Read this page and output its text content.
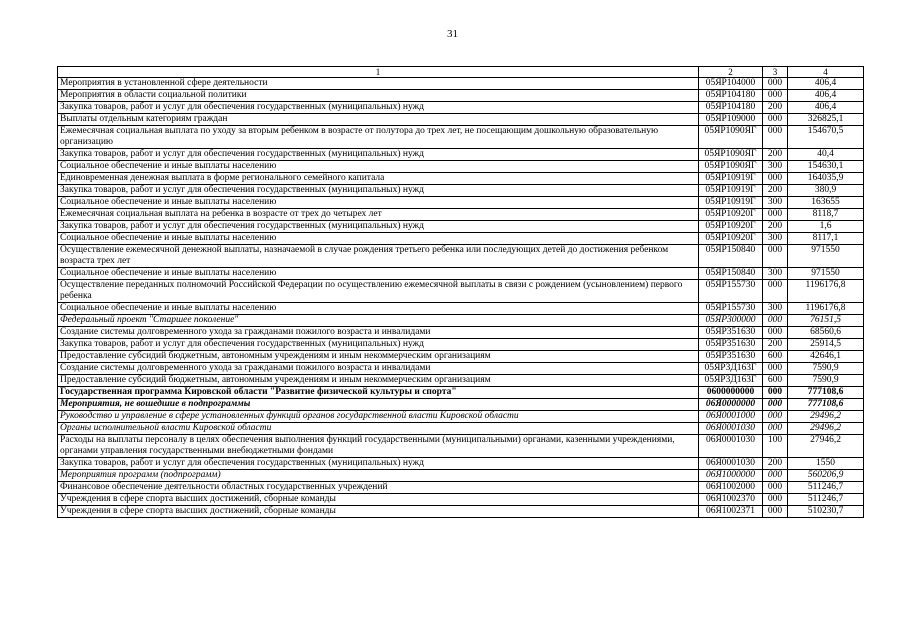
31
1	2	3	4
Мероприятия в установленной сфере деятельности	05ЯР104000	000	406,4
Мероприятия в области социальной политики	05ЯР104180	000	406,4
Закупка товаров, работ и услуг для обеспечения государственных (муниципальных) нужд	05ЯР104180	200	406,4
Выплаты отдельным категориям граждан	05ЯР109000	000	326825,1
Ежемесячная социальная выплата по уходу за вторым ребенком в возрасте от полутора до трех лет, не посещающим дошкольную образовательную организацию	05ЯР1090ЯГ	000	154670,5
Закупка товаров, работ и услуг для обеспечения государственных (муниципальных) нужд	05ЯР1090ЯГ	200	40,4
Социальное обеспечение и иные выплаты населению	05ЯР1090ЯГ	300	154630,1
Единовременная денежная выплата в форме регионального семейного капитала	05ЯР10919Г	000	164035,9
Закупка товаров, работ и услуг для обеспечения государственных (муниципальных) нужд	05ЯР10919Г	200	380,9
Социальное обеспечение и иные выплаты населению	05ЯР10919Г	300	163655
Ежемесячная социальная выплата на ребенка в возрасте от трех до четырех лет	05ЯР10920Г	000	8118,7
Закупка товаров, работ и услуг для обеспечения государственных (муниципальных) нужд	05ЯР10920Г	200	1,6
Социальное обеспечение и иные выплаты населению	05ЯР10920Г	300	8117,1
Осуществление ежемесячной денежной выплаты, назначаемой в случае рождения третьего ребенка или последующих детей до достижения ребенком возраста трех лет	05ЯР150840	000	971550
Социальное обеспечение и иные выплаты населению	05ЯР150840	300	971550
Осуществление переданных полномочий Российской Федерации по осуществлению ежемесячной выплаты в связи с рождением (усыновлением) первого ребенка	05ЯР155730	000	1196176,8
Социальное обеспечение и иные выплаты населению	05ЯР155730	300	1196176,8
Федеральный проект "Старшее поколение"	05ЯР300000	000	76151,5
Создание системы долговременного ухода за гражданами пожилого возраста и инвалидами	05ЯР351630	000	68560,6
Закупка товаров, работ и услуг для обеспечения государственных (муниципальных) нужд	05ЯР351630	200	25914,5
Предоставление субсидий бюджетным, автономным учреждениям и иным некоммерческим организациям	05ЯР351630	600	42646,1
Создание системы долговременного ухода за гражданами пожилого возраста и инвалидами	05ЯР3Д163Г	000	7590,9
Предоставление субсидий бюджетным, автономным учреждениям и иным некоммерческим организациям	05ЯР3Д163Г	600	7590,9
Государственная программа Кировской области "Развитие физической культуры и спорта"	0600000000	000	777108,6
Мероприятия, не вошедшие в подпрограммы	06Я0000000	000	777108,6
Руководство и управление в сфере установленных функций органов государственной власти Кировской области	06Я0001000	000	29496,2
Органы исполнительной власти Кировской области	06Я0001030	000	29496,2
Расходы на выплаты персоналу в целях обеспечения выполнения функций государственными (муниципальными) органами, казенными учреждениями, органами управления государственными внебюджетными фондами	06Я0001030	100	27946,2
Закупка товаров, работ и услуг для обеспечения государственных (муниципальных) нужд	06Я0001030	200	1550
Мероприятия программ (подпрограмм)	06Я1000000	000	560206,9
Финансовое обеспечение деятельности областных государственных учреждений	06Я1002000	000	511246,7
Учреждения в сфере спорта высших достижений, сборные команды	06Я1002370	000	511246,7
Учреждения в сфере спорта высших достижений, сборные команды	06Я1002371	000	510230,7
